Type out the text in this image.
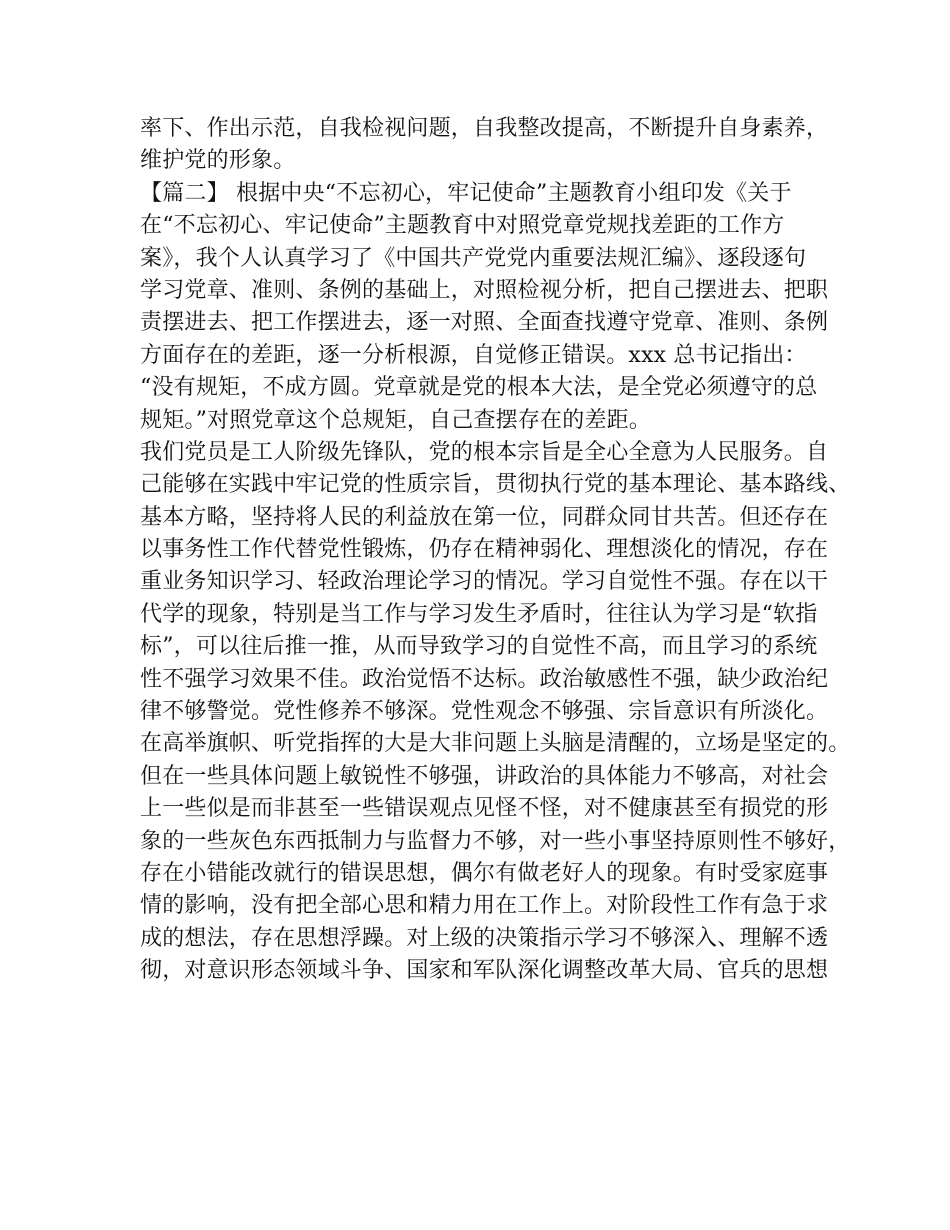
率下、作出示范，自我检视问题，自我整改提高，不断提升自身素养，
维护党的形象。
【篇二】 根据中央“不忘初心，牢记使命”主题教育小组印发《关于
在“不忘初心、牢记使命”主题教育中对照党章党规找差距的工作方
案》，我个人认真学习了《中国共产党党内重要法规汇编》、逐段逐句
学习党章、准则、条例的基础上，对照检视分析，把自己摆进去、把职
责摆进去、把工作摆进去，逐一对照、全面查找遵守党章、准则、条例
方面存在的差距，逐一分析根源，自觉修正错误。xxx 总书记指出：
“没有规矩，不成方圆。党章就是党的根本大法，是全党必须遵守的总
规矩。”对照党章这个总规矩，自己查摆存在的差距。
我们党员是工人阶级先锋队，党的根本宗旨是全心全意为人民服务。自
己能够在实践中牢记党的性质宗旨，贯彻执行党的基本理论、基本路线、
基本方略，坚持将人民的利益放在第一位，同群众同甘共苦。但还存在
以事务性工作代替党性锻炼，仍存在精神弱化、理想淡化的情况，存在
重业务知识学习、轻政治理论学习的情况。学习自觉性不强。存在以干
代学的现象，特别是当工作与学习发生矛盾时，往往认为学习是“软指
标”，可以往后推一推，从而导致学习的自觉性不高，而且学习的系统
性不强学习效果不佳。政治觉悟不达标。政治敏感性不强，缺少政治纪
律不够警觉。党性修养不够深。党性观念不够强、宗旨意识有所淡化。
在高举旗帜、听党指挥的大是大非问题上头脑是清醒的，立场是坚定的。
但在一些具体问题上敏锐性不够强，讲政治的具体能力不够高，对社会
上一些似是而非甚至一些错误观点见怪不怪，对不健康甚至有损党的形
象的一些灰色东西抵制力与监督力不够，对一些小事坚持原则性不够好，
存在小错能改就行的错误思想，偶尔有做老好人的现象。有时受家庭事
情的影响，没有把全部心思和精力用在工作上。对阶段性工作有急于求
成的想法，存在思想浮躁。对上级的决策指示学习不够深入、理解不透
彻，对意识形态领域斗争、国家和军队深化调整改革大局、官兵的思想
